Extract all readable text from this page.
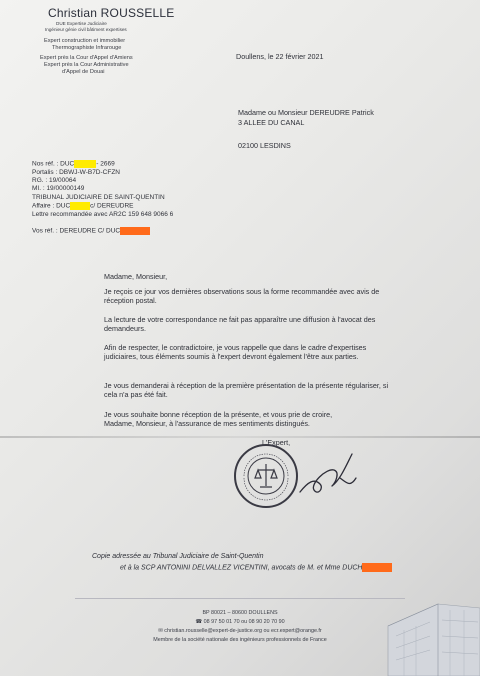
Christian ROUSSELLE
DUE Expertise Judiciaire
Ingénieur génie civil bâtiment expertises
Expert construction et immobilier
Thermographiste Infrarouge
Expert près la Cour d'Appel d'Amiens
Expert près la Cour Administrative
d'Appel de Douai
Doullens, le 22 février 2021
Madame ou Monsieur DEREUDRE Patrick
3 ALLEE DU CANAL
02100 LESDINS
Nos réf. : DUC	- 2669
Portalis : DBWJ-W-B7D-CFZN
RG. : 19/00064
MI. : 19/00000149
TRIBUNAL JUDICIAIRE DE SAINT-QUENTIN
Affaire : DUC	c/ DEREUDRE
Lettre recommandée avec AR2C 159 648 9066 6
Vos réf. : DEREUDRE C/ DUC
Madame, Monsieur,
Je reçois ce jour vos dernières observations sous la forme recommandée avec avis de réception postal.
La lecture de votre correspondance ne fait pas apparaître une diffusion à l'avocat des demandeurs.
Afin de respecter, le contradictoire, je vous rappelle que dans le cadre d'expertises judiciaires, tous éléments soumis à l'expert devront également l'être aux parties.
Je vous demanderai à réception de la première présentation de la présente régulariser, si cela n'a pas été fait.
Je vous souhaite bonne réception de la présente, et vous prie de croire,
Madame, Monsieur, à l'assurance de mes sentiments distingués.
L'Expert,
Copie adressée au Tribunal Judiciaire de Saint-Quentin
et à la SCP ANTONINI DELVALLEZ VICENTINI, avocats de M. et Mme DUCH
BP 80021 – 80600 DOULLENS
☎ 08 97 50 01 70 ou 08 90 20 70 90
✉ christian.rousselle@expert-de-justice.org ou ecr.expert@orange.fr
Membre de la société nationale des ingénieurs professionnels de France
